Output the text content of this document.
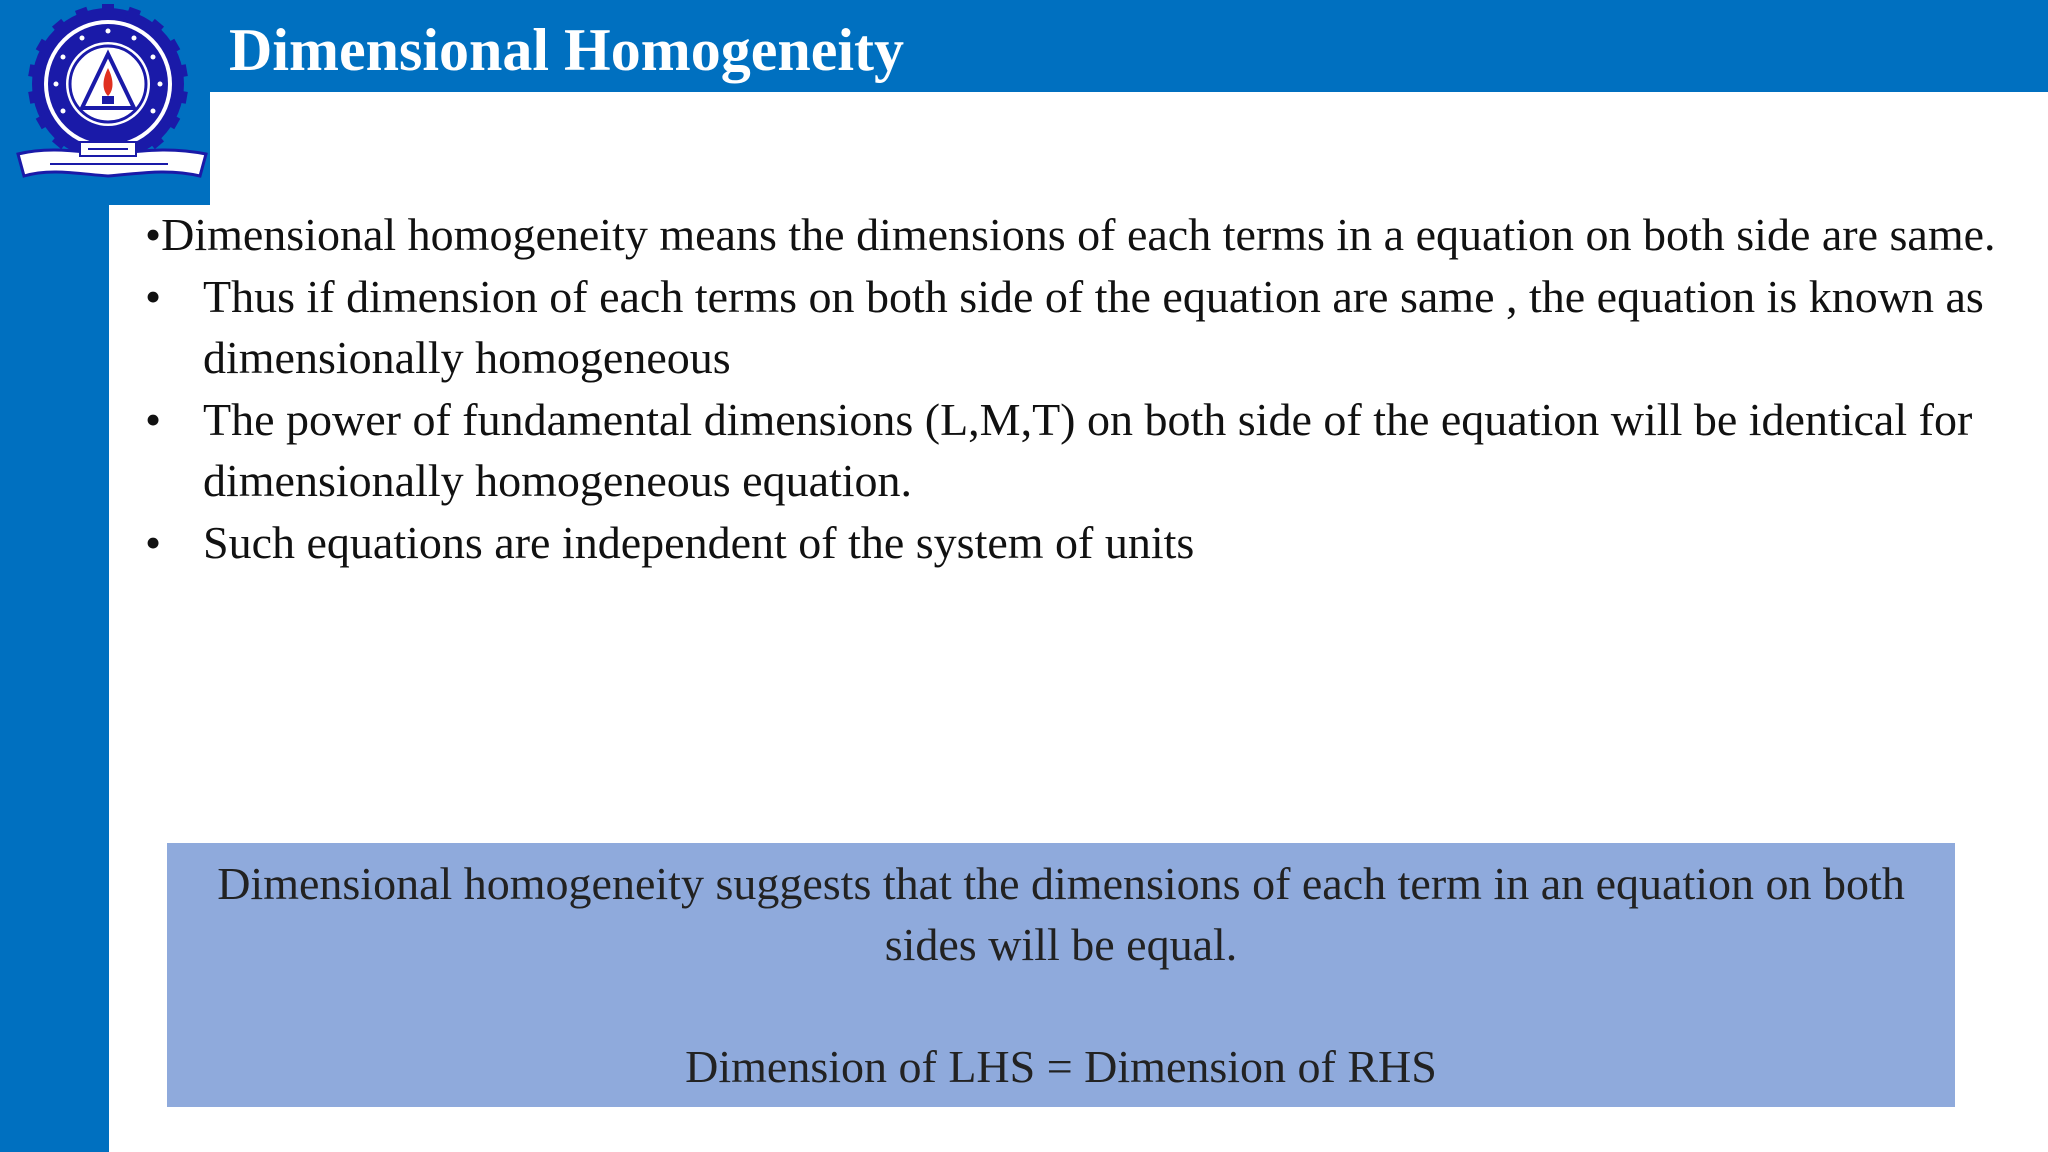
Dimensional Homogeneity

•Dimensional homogeneity means the dimensions of each terms in a equation on both side are same.

• Thus if dimension of each terms on both side of the equation are same , the equation is known as dimensionally homogeneous
• The power of fundamental dimensions (L,M,T) on both side of the equation will be identical for dimensionally homogeneous equation.
• Such equations are independent of the system of units

Dimensional homogeneity suggests that the dimensions of each term in an equation on both sides will be equal.

Dimension of LHS = Dimension of RHS
